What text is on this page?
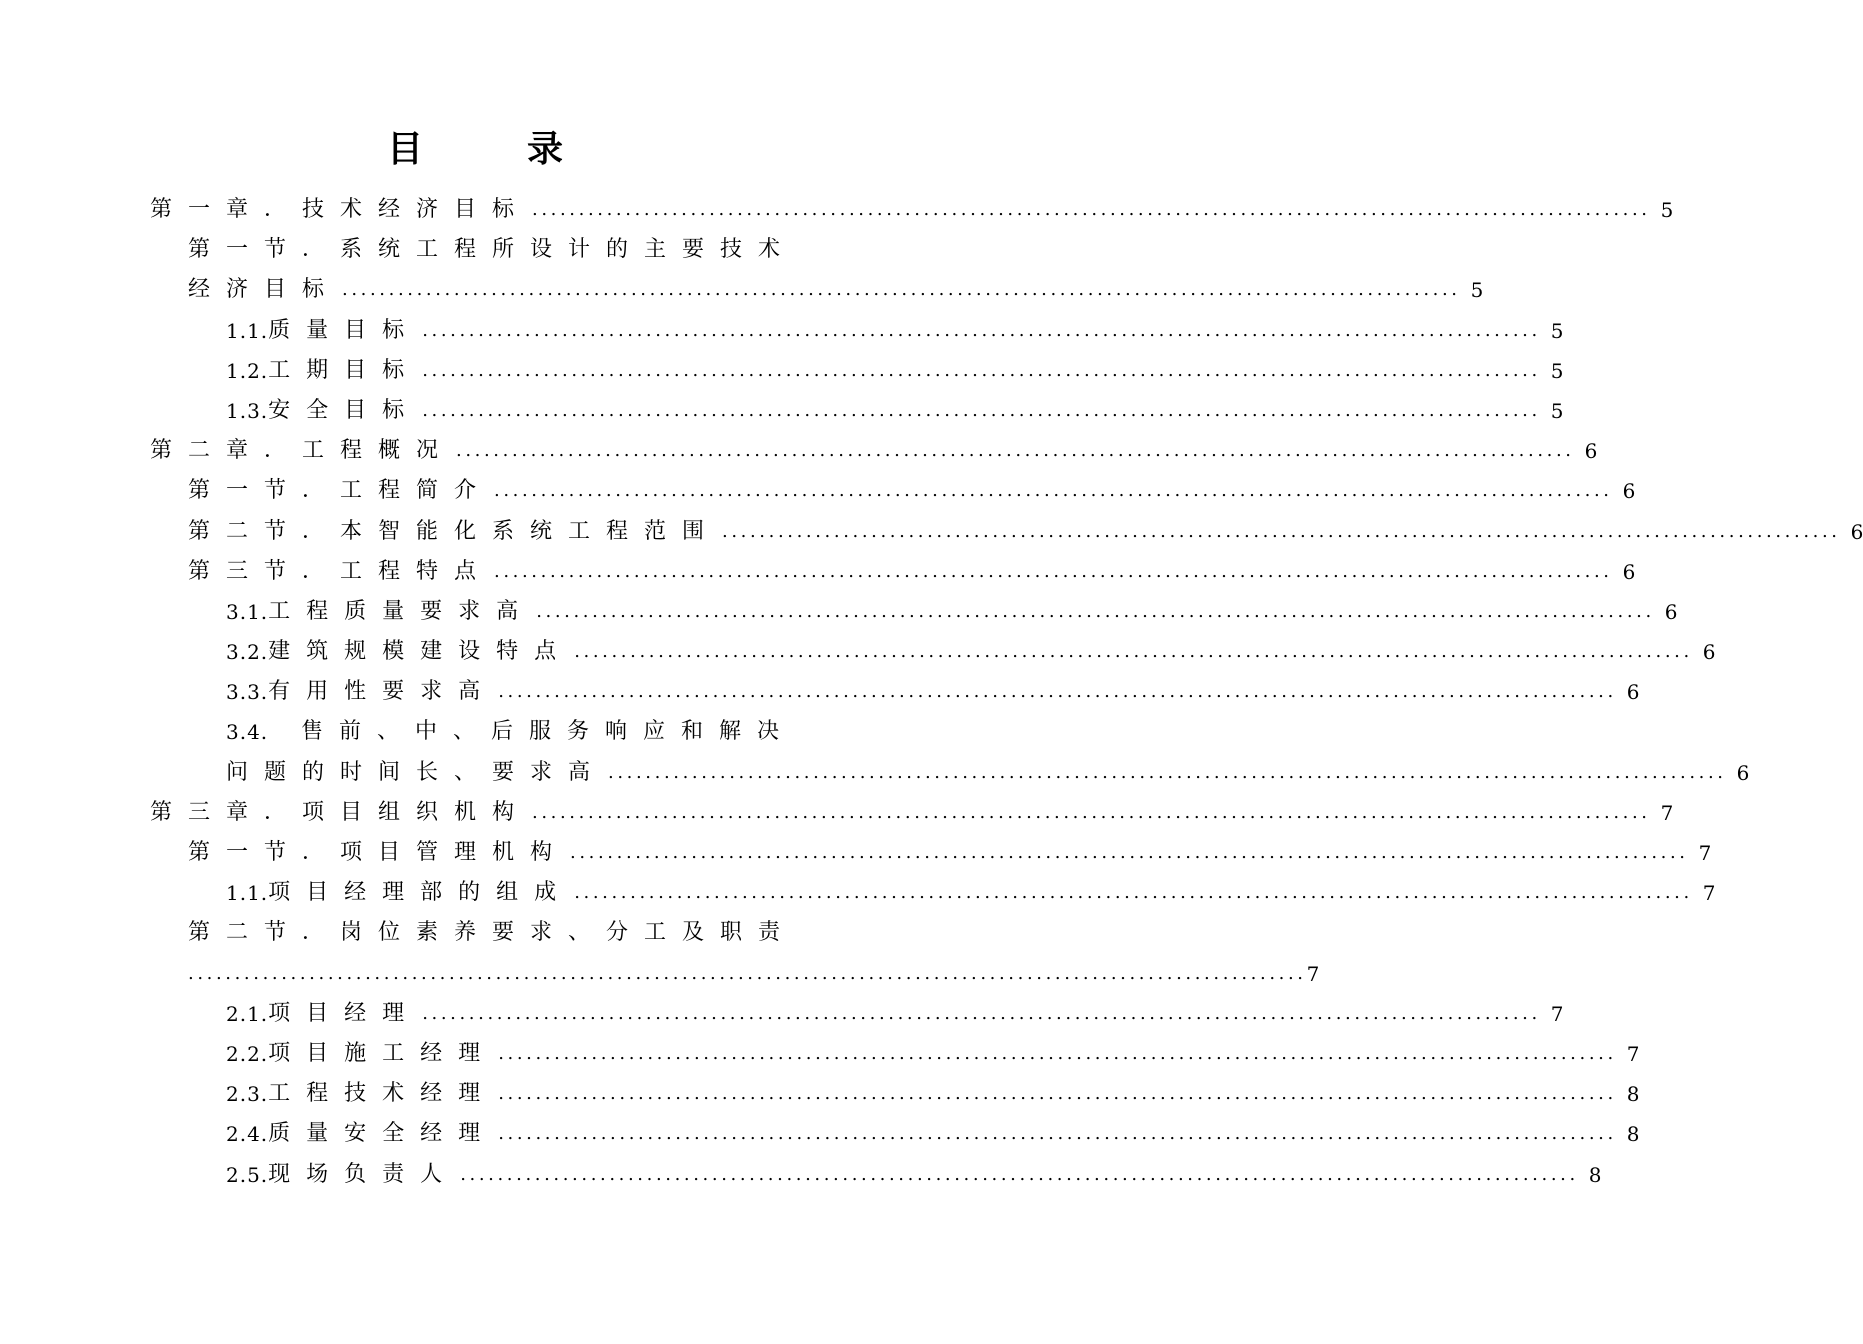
目	录
第一章．技术经济目标 ........................................................................................................................ 5
第一节．系统工程所设计的主要技术
经济目标 ........................................................................................................................ 5
1.1. 质量目标 ........................................................................................................................ 5
1.2. 工期目标 ........................................................................................................................ 5
1.3. 安全目标 ........................................................................................................................ 5
第二章．工程概况 ........................................................................................................................ 6
第一节．工程简介 ........................................................................................................................ 6
第二节．本智能化系统工程范围 ........................................................................................................................ 6
第三节．工程特点 ........................................................................................................................ 6
3.1. 工程质量要求高 ........................................................................................................................ 6
3.2. 建筑规模建设特点 ........................................................................................................................ 6
3.3. 有用性要求高 ........................................................................................................................ 6
3.4.	售前、中、后服务响应和解决
问题的时间长、要求高 ........................................................................................................................ 6
第三章．项目组织机构 ........................................................................................................................ 7
第一节．项目管理机构 ........................................................................................................................ 7
1.1. 项目经理部的组成 ........................................................................................................................ 7
第二节．岗位素养要求、分工及职责
........................................................................................................................ 7
2.1. 项目经理 ........................................................................................................................ 7
2.2. 项目施工经理 ........................................................................................................................ 7
2.3. 工程技术经理 ........................................................................................................................ 8
2.4. 质量安全经理 ........................................................................................................................ 8
2.5. 现场负责人 ........................................................................................................................ 8
